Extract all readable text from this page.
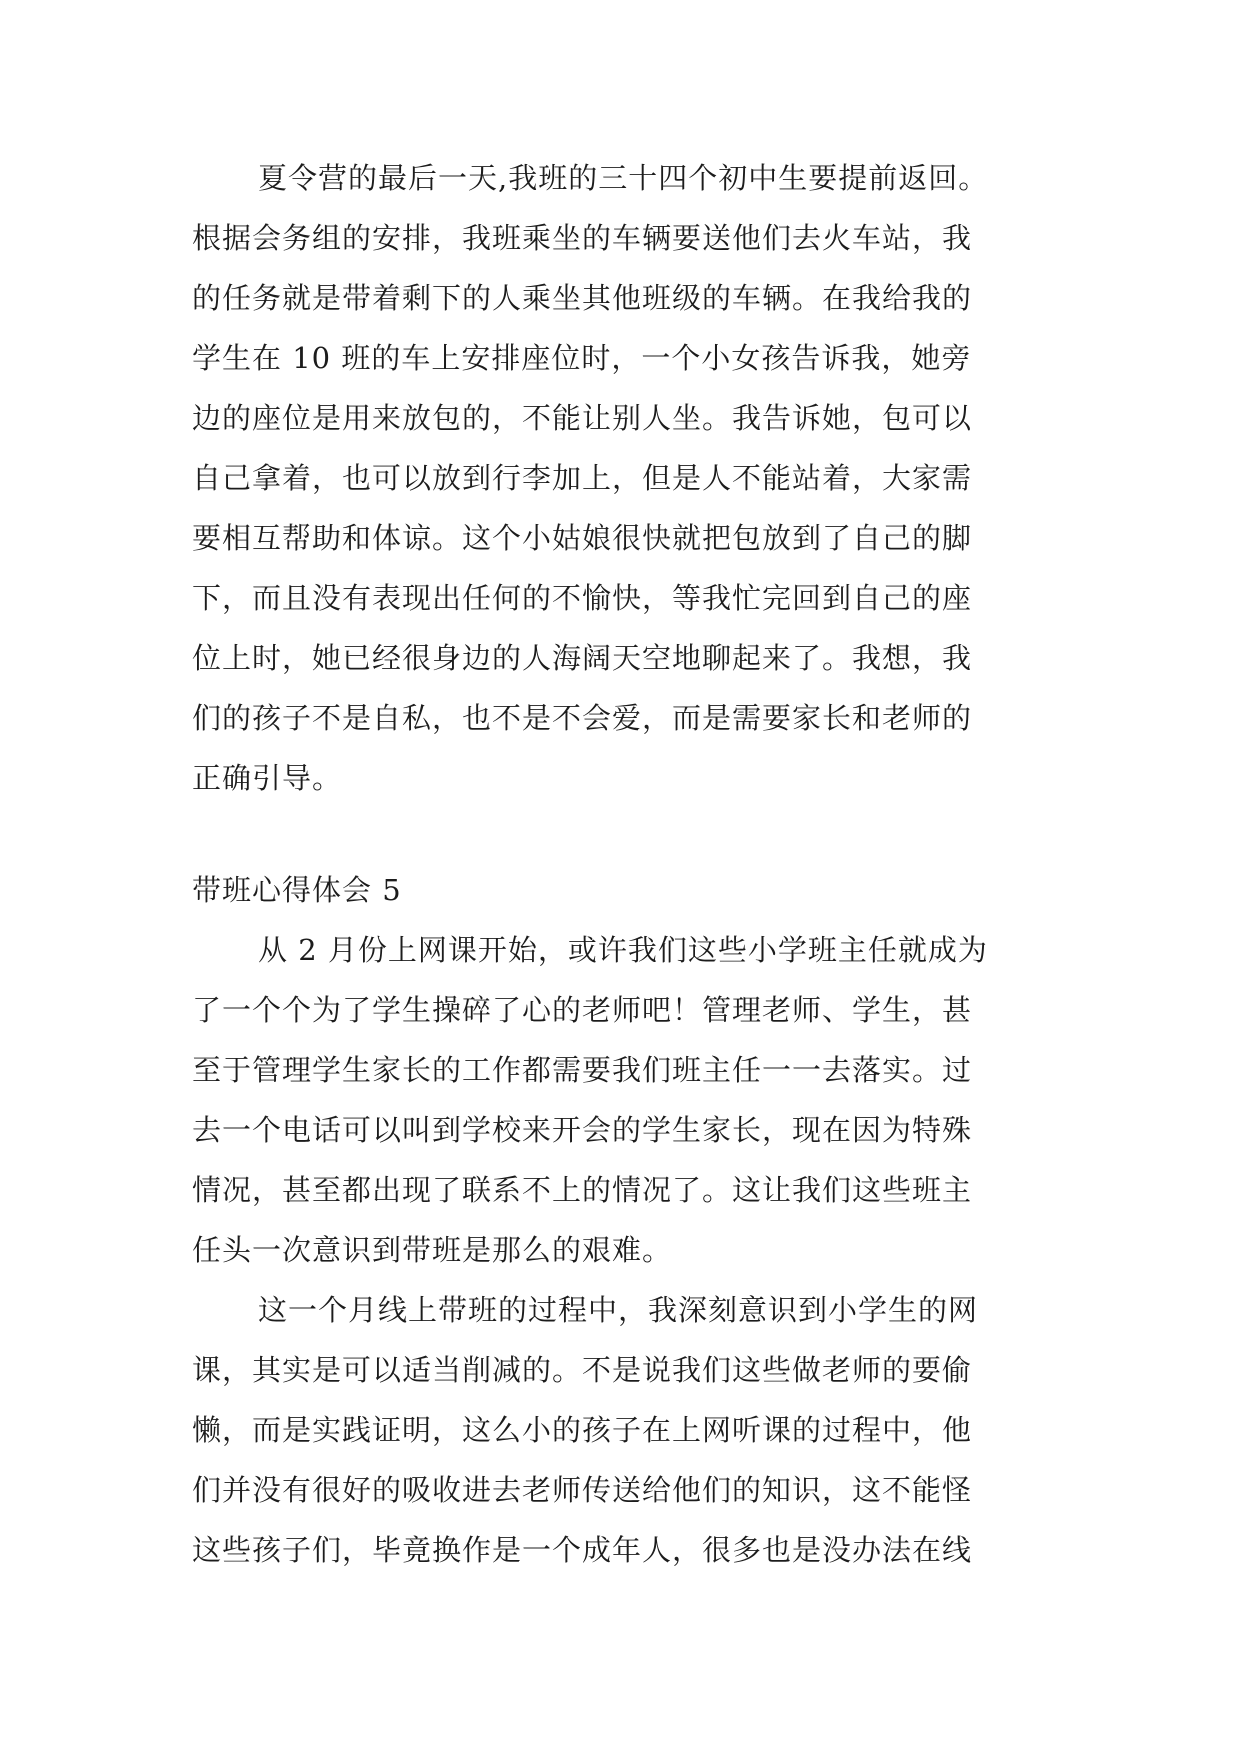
夏令营的最后一天,我班的三十四个初中生要提前返回。
根据会务组的安排，我班乘坐的车辆要送他们去火车站，我
的任务就是带着剩下的人乘坐其他班级的车辆。在我给我的
学生在 10 班的车上安排座位时，一个小女孩告诉我，她旁
边的座位是用来放包的，不能让别人坐。我告诉她，包可以
自己拿着，也可以放到行李加上，但是人不能站着，大家需
要相互帮助和体谅。这个小姑娘很快就把包放到了自己的脚
下，而且没有表现出任何的不愉快，等我忙完回到自己的座
位上时，她已经很身边的人海阔天空地聊起来了。我想，我
们的孩子不是自私，也不是不会爱，而是需要家长和老师的
正确引导。
带班心得体会 5
从 2 月份上网课开始，或许我们这些小学班主任就成为
了一个个为了学生操碎了心的老师吧！管理老师、学生，甚
至于管理学生家长的工作都需要我们班主任一一去落实。过
去一个电话可以叫到学校来开会的学生家长，现在因为特殊
情况，甚至都出现了联系不上的情况了。这让我们这些班主
任头一次意识到带班是那么的艰难。
这一个月线上带班的过程中，我深刻意识到小学生的网
课，其实是可以适当削减的。不是说我们这些做老师的要偷
懒，而是实践证明，这么小的孩子在上网听课的过程中，他
们并没有很好的吸收进去老师传送给他们的知识，这不能怪
这些孩子们，毕竟换作是一个成年人，很多也是没办法在线
